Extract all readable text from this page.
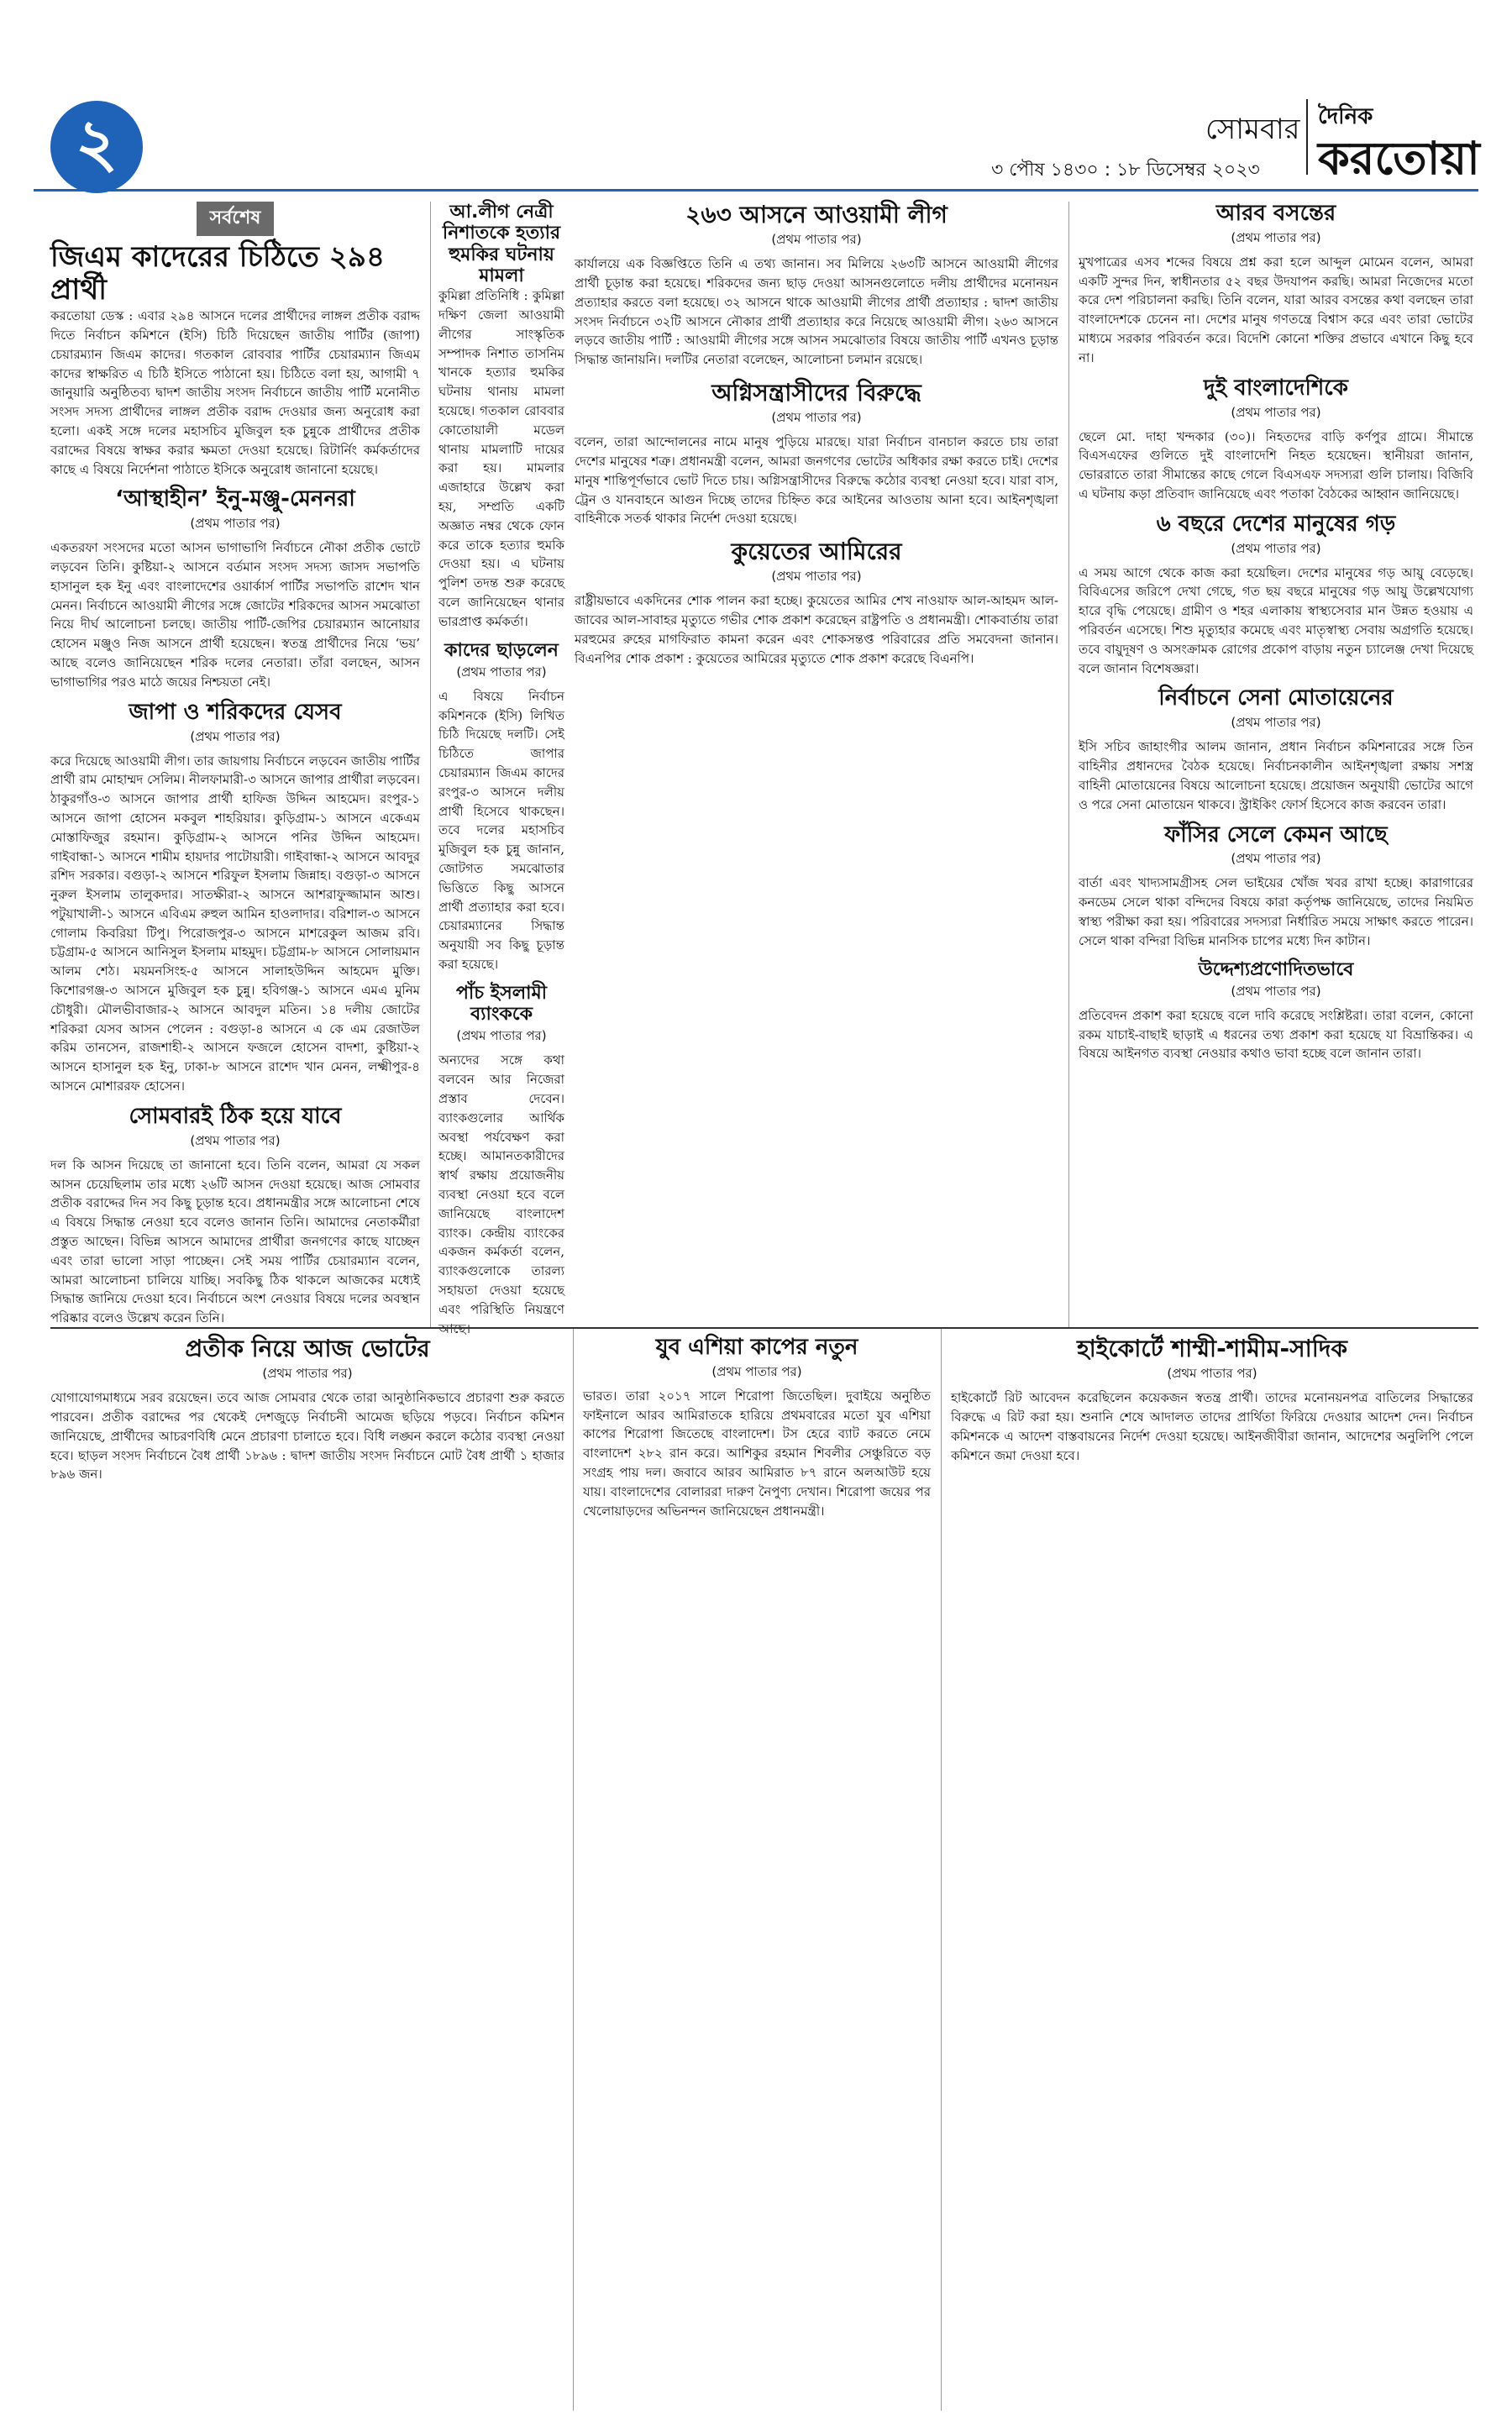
২	সোমবার
৩ পৌষ ১৪৩০ : ১৮ ডিসেম্বর ২০২৩
দৈনিক
করতোয়া
সর্বশেষ
জিএম কাদেরের চিঠিতে ২৯৪ প্রার্থী

করতোয়া ডেস্ক : এবার ২৯৪ আসনে দলের প্রার্থীদের লাঙ্গল প্রতীক বরাদ্দ দিতে নির্বাচন কমিশনে (ইসি) চিঠি দিয়েছেন জাতীয় পার্টির (জাপা) চেয়ারম্যান জিএম কাদের। গতকাল রোববার পার্টির চেয়ারম্যান জিএম কাদের স্বাক্ষরিত এ চিঠি ইসিতে পাঠানো হয়। চিঠিতে বলা হয়, আগামী ৭ জানুয়ারি অনুষ্ঠিতব্য দ্বাদশ জাতীয় সংসদ নির্বাচনে জাতীয় পার্টি মনোনীত সংসদ সদস্য প্রার্থীদের লাঙ্গল প্রতীক বরাদ্দ দেওয়ার জন্য অনুরোধ করা হলো। একই সঙ্গে দলের মহাসচিব মুজিবুল হক চুন্নুকে প্রার্থীদের প্রতীক বরাদ্দের বিষয়ে স্বাক্ষর করার ক্ষমতা দেওয়া হয়েছে। রিটার্নিং কর্মকর্তাদের কাছে এ বিষয়ে নির্দেশনা পাঠাতে ইসিকে অনুরোধ জানানো হয়েছে।

‘আস্থাহীন’ ইনু-মঞ্জু-মেননরা
(প্রথম পাতার পর)

একতরফা সংসদের মতো আসন ভাগাভাগি নির্বাচনে নৌকা প্রতীক ভোটে লড়বেন তিনি। কুষ্টিয়া-২ আসনে বর্তমান সংসদ সদস্য জাসদ সভাপতি হাসানুল হক ইনু এবং বাংলাদেশের ওয়ার্কার্স পার্টির সভাপতি রাশেদ খান মেনন। নির্বাচনে আওয়ামী লীগের সঙ্গে জোটের শরিকদের আসন সমঝোতা নিয়ে দীর্ঘ আলোচনা চলছে। জাতীয় পার্টি-জেপির চেয়ারম্যান আনোয়ার হোসেন মঞ্জুও নিজ আসনে প্রার্থী হয়েছেন। স্বতন্ত্র প্রার্থীদের নিয়ে ‘ভয়’ আছে বলেও জানিয়েছেন শরিক দলের নেতারা। তাঁরা বলছেন, আসন ভাগাভাগির পরও মাঠে জয়ের নিশ্চয়তা নেই।

জাপা ও শরিকদের যেসব
(প্রথম পাতার পর)

করে দিয়েছে আওয়ামী লীগ। তার জায়গায় নির্বাচনে লড়বেন জাতীয় পার্টির প্রার্থী রাম মোহাম্মদ সেলিম। নীলফামারী-৩ আসনে জাপার প্রার্থীরা লড়বেন। ঠাকুরগাঁও-৩ আসনে জাপার প্রার্থী হাফিজ উদ্দিন আহমেদ। রংপুর-১ আসনে জাপা হোসেন মকবুল শাহরিয়ার। কুড়িগ্রাম-১ আসনে একেএম মোস্তাফিজুর রহমান। কুড়িগ্রাম-২ আসনে পনির উদ্দিন আহমেদ। গাইবান্ধা-১ আসনে শামীম হায়দার পাটোয়ারী। গাইবান্ধা-২ আসনে আবদুর রশিদ সরকার। বগুড়া-২ আসনে শরিফুল ইসলাম জিন্নাহ। বগুড়া-৩ আসনে নুরুল ইসলাম তালুকদার। সাতক্ষীরা-২ আসনে আশরাফুজ্জামান আশু। পটুয়াখালী-১ আসনে এবিএম রুহুল আমিন হাওলাদার। বরিশাল-৩ আসনে গোলাম কিবরিয়া টিপু। পিরোজপুর-৩ আসনে মাশরেকুল আজম রবি। চট্টগ্রাম-৫ আসনে আনিসুল ইসলাম মাহমুদ। চট্টগ্রাম-৮ আসনে সোলায়মান আলম শেঠ। ময়মনসিংহ-৫ আসনে সালাহউদ্দিন আহমেদ মুক্তি। কিশোরগঞ্জ-৩ আসনে মুজিবুল হক চুন্নু। হবিগঞ্জ-১ আসনে এমএ মুনিম চৌধুরী। মৌলভীবাজার-২ আসনে আবদুল মতিন। ১৪ দলীয় জোটের শরিকরা যেসব আসন পেলেন : বগুড়া-৪ আসনে এ কে এম রেজাউল করিম তানসেন, রাজশাহী-২ আসনে ফজলে হোসেন বাদশা, কুষ্টিয়া-২ আসনে হাসানুল হক ইনু, ঢাকা-৮ আসনে রাশেদ খান মেনন, লক্ষ্মীপুর-৪ আসনে মোশাররফ হোসেন।

সোমবারই ঠিক হয়ে যাবে
(প্রথম পাতার পর)

দল কি আসন দিয়েছে তা জানানো হবে। তিনি বলেন, আমরা যে সকল আসন চেয়েছিলাম তার মধ্যে ২৬টি আসন দেওয়া হয়েছে। আজ সোমবার প্রতীক বরাদ্দের দিন সব কিছু চূড়ান্ত হবে। প্রধানমন্ত্রীর সঙ্গে আলোচনা শেষে এ বিষয়ে সিদ্ধান্ত নেওয়া হবে বলেও জানান তিনি। আমাদের নেতাকর্মীরা প্রস্তুত আছেন। বিভিন্ন আসনে আমাদের প্রার্থীরা জনগণের কাছে যাচ্ছেন এবং তারা ভালো সাড়া পাচ্ছেন। সেই সময় পার্টির চেয়ারম্যান বলেন, আমরা আলোচনা চালিয়ে যাচ্ছি। সবকিছু ঠিক থাকলে আজকের মধ্যেই সিদ্ধান্ত জানিয়ে দেওয়া হবে। নির্বাচনে অংশ নেওয়ার বিষয়ে দলের অবস্থান পরিষ্কার বলেও উল্লেখ করেন তিনি।

আ.লীগ নেত্রী নিশাতকে হত্যার হুমকির ঘটনায় মামলা

কুমিল্লা প্রতিনিধি : কুমিল্লা দক্ষিণ জেলা আওয়ামী লীগের সাংস্কৃতিক সম্পাদক নিশাত তাসনিম খানকে হত্যার হুমকির ঘটনায় থানায় মামলা হয়েছে। গতকাল রোববার কোতোয়ালী মডেল থানায় মামলাটি দায়ের করা হয়। মামলার এজাহারে উল্লেখ করা হয়, সম্প্রতি একটি অজ্ঞাত নম্বর থেকে ফোন করে তাকে হত্যার হুমকি দেওয়া হয়। এ ঘটনায় পুলিশ তদন্ত শুরু করেছে বলে জানিয়েছেন থানার ভারপ্রাপ্ত কর্মকর্তা।

কাদের ছাড়লেন
(প্রথম পাতার পর)

এ বিষয়ে নির্বাচন কমিশনকে (ইসি) লিখিত চিঠি দিয়েছে দলটি। সেই চিঠিতে জাপার চেয়ারম্যান জিএম কাদের রংপুর-৩ আসনে দলীয় প্রার্থী হিসেবে থাকছেন। তবে দলের মহাসচিব মুজিবুল হক চুন্নু জানান, জোটগত সমঝোতার ভিত্তিতে কিছু আসনে প্রার্থী প্রত্যাহার করা হবে। চেয়ারম্যানের সিদ্ধান্ত অনুযায়ী সব কিছু চূড়ান্ত করা হয়েছে।

পাঁচ ইসলামী ব্যাংককে
(প্রথম পাতার পর)

অন্যদের সঙ্গে কথা বলবেন আর নিজেরা প্রস্তাব দেবেন। ব্যাংকগুলোর আর্থিক অবস্থা পর্যবেক্ষণ করা হচ্ছে। আমানতকারীদের স্বার্থ রক্ষায় প্রয়োজনীয় ব্যবস্থা নেওয়া হবে বলে জানিয়েছে বাংলাদেশ ব্যাংক। কেন্দ্রীয় ব্যাংকের একজন কর্মকর্তা বলেন, ব্যাংকগুলোকে তারল্য সহায়তা দেওয়া হয়েছে এবং পরিস্থিতি নিয়ন্ত্রণে

২৬৩ আসনে আওয়ামী লীগ
(প্রথম পাতার পর)

কার্যালয়ে এক বিজ্ঞপ্তিতে তিনি এ তথ্য জানান। সব মিলিয়ে ২৬৩টি আসনে আওয়ামী লীগের প্রার্থী চূড়ান্ত করা হয়েছে। শরিকদের জন্য ছাড় দেওয়া আসনগুলোতে দলীয় প্রার্থীদের মনোনয়ন প্রত্যাহার করতে বলা হয়েছে। ৩২ আসনে থাকে আওয়ামী লীগের প্রার্থী প্রত্যাহার : দ্বাদশ জাতীয় সংসদ নির্বাচনে ৩২টি আসনে নৌকার প্রার্থী প্রত্যাহার করে নিয়েছে আওয়ামী লীগ। ২৬৩ আসনে লড়বে জাতীয় পার্টি : আওয়ামী লীগের সঙ্গে আসন সমঝোতার বিষয়ে জাতীয় পার্টি এখনও চূড়ান্ত সিদ্ধান্ত জানায়নি। দলটির নেতারা বলেছেন, আলোচনা চলমান রয়েছে।

অগ্নিসন্ত্রাসীদের বিরুদ্ধে
(প্রথম পাতার পর)

বলেন, তারা আন্দোলনের নামে মানুষ পুড়িয়ে মারছে। যারা নির্বাচন বানচাল করতে চায় তারা দেশের মানুষের শত্রু। প্রধানমন্ত্রী বলেন, আমরা জনগণের ভোটের অধিকার রক্ষা করতে চাই। দেশের মানুষ শান্তিপূর্ণভাবে ভোট দিতে চায়। অগ্নিসন্ত্রাসীদের বিরুদ্ধে কঠোর ব্যবস্থা নেওয়া হবে। যারা বাস, ট্রেন ও যানবাহনে আগুন দিচ্ছে তাদের চিহ্নিত করে আইনের আওতায় আনা হবে। আইনশৃঙ্খলা বাহিনীকে সতর্ক থাকার নির্দেশ দেওয়া হয়েছে।

কুয়েতের আমিরের
(প্রথম পাতার পর)

রাষ্ট্রীয়ভাবে একদিনের শোক পালন করা হচ্ছে। কুয়েতের আমির শেখ নাওয়াফ আল-আহমদ আল-জাবের আল-সাবাহর মৃত্যুতে গভীর শোক প্রকাশ করেছেন রাষ্ট্রপতি ও প্রধানমন্ত্রী। শোকবার্তায় তারা মরহুমের রুহের মাগফিরাত কামনা করেন এবং শোকসন্তপ্ত পরিবারের প্রতি সমবেদনা জানান। বিএনপির শোক প্রকাশ : কুয়েতের আমিরের মৃত্যুতে শোক প্রকাশ করেছে বিএনপি।

আরব বসন্তের
(প্রথম পাতার পর)

মুখপাত্রের এসব শব্দের বিষয়ে প্রশ্ন করা হলে আব্দুল মোমেন বলেন, আমরা একটি সুন্দর দিন, স্বাধীনতার ৫২ বছর উদযাপন করছি। আমরা নিজেদের মতো করে দেশ পরিচালনা করছি। তিনি বলেন, যারা আরব বসন্তের কথা বলছেন তারা বাংলাদেশকে চেনেন না। দেশের মানুষ গণতন্ত্রে বিশ্বাস করে এবং তারা ভোটের মাধ্যমে সরকার পরিবর্তন করে। বিদেশি কোনো শক্তির প্রভাবে এখানে কিছু হবে না।

দুই বাংলাদেশিকে
(প্রথম পাতার পর)

ছেলে মো. দাহা খন্দকার (৩০)। নিহতদের বাড়ি কর্ণপুর গ্রামে। সীমান্তে বিএসএফের গুলিতে দুই বাংলাদেশি নিহত হয়েছেন। স্থানীয়রা জানান, ভোররাতে তারা সীমান্তের কাছে গেলে বিএসএফ সদস্যরা গুলি চালায়। বিজিবি এ ঘটনায় কড়া প্রতিবাদ জানিয়েছে এবং পতাকা বৈঠকের আহ্বান জানিয়েছে।

৬ বছরে দেশের মানুষের গড়
(প্রথম পাতার পর)

এ সময় আগে থেকে কাজ করা হয়েছিল। দেশের মানুষের গড় আয়ু বেড়েছে। বিবিএসের জরিপে দেখা গেছে, গত ছয় বছরে মানুষের গড় আয়ু উল্লেখযোগ্য হারে বৃদ্ধি পেয়েছে। গ্রামীণ ও শহর এলাকায় স্বাস্থ্যসেবার মান উন্নত হওয়ায় এ পরিবর্তন এসেছে। শিশু মৃত্যুহার কমেছে এবং মাতৃস্বাস্থ্য সেবায় অগ্রগতি হয়েছে। তবে বায়ুদূষণ ও অসংক্রামক রোগের প্রকোপ বাড়ায় নতুন চ্যালেঞ্জ দেখা দিয়েছে বলে জানান বিশেষজ্ঞরা।

নির্বাচনে সেনা মোতায়েনের
(প্রথম পাতার পর)

ইসি সচিব জাহাংগীর আলম জানান, প্রধান নির্বাচন কমিশনারের সঙ্গে তিন বাহিনীর প্রধানদের বৈঠক হয়েছে। নির্বাচনকালীন আইনশৃঙ্খলা রক্ষায় সশস্ত্র বাহিনী মোতায়েনের বিষয়ে আলোচনা হয়েছে। প্রয়োজন অনুযায়ী ভোটের আগে ও পরে সেনা মোতায়েন থাকবে। স্ট্রাইকিং ফোর্স হিসেবে কাজ করবেন তারা।

ফাঁসির সেলে কেমন আছে
(প্রথম পাতার পর)

বার্তা এবং খাদ্যসামগ্রীসহ সেল ভাইয়ের খোঁজ খবর রাখা হচ্ছে। কারাগারের কনডেম সেলে থাকা বন্দিদের বিষয়ে কারা কর্তৃপক্ষ জানিয়েছে, তাদের নিয়মিত স্বাস্থ্য পরীক্ষা করা হয়। পরিবারের সদস্যরা নির্ধারিত সময়ে সাক্ষাৎ করতে পারেন। সেলে থাকা বন্দিরা বিভিন্ন মানসিক চাপের মধ্যে দিন কাটান।

উদ্দেশ্যপ্রণোদিতভাবে
(প্রথম পাতার পর)

প্রতিবেদন প্রকাশ করা হয়েছে বলে দাবি করেছে সংশ্লিষ্টরা। তারা বলেন, কোনো রকম যাচাই-বাছাই ছাড়াই এ ধরনের তথ্য প্রকাশ করা হয়েছে যা বিভ্রান্তিকর। এ বিষয়ে আইনগত ব্যবস্থা নেওয়ার কথাও ভাবা হচ্ছে বলে জানান তারা।

প্রতীক নিয়ে আজ ভোটের
(প্রথম পাতার পর)

যোগাযোগমাধ্যমে সরব রয়েছেন। তবে আজ সোমবার থেকে তারা আনুষ্ঠানিকভাবে প্রচারণা শুরু করতে পারবেন। প্রতীক বরাদ্দের পর থেকেই দেশজুড়ে নির্বাচনী আমেজ ছড়িয়ে পড়বে। নির্বাচন কমিশন জানিয়েছে, প্রার্থীদের আচরণবিধি মেনে প্রচারণা চালাতে হবে। বিধি লঙ্ঘন করলে কঠোর ব্যবস্থা নেওয়া হবে। ছাড়ল সংসদ নির্বাচনে বৈধ প্রার্থী ১৮৯৬ : দ্বাদশ জাতীয় সংসদ নির্বাচনে মোট বৈধ প্রার্থী ১ হাজার ৮৯৬ জন।

যুব এশিয়া কাপের নতুন
(প্রথম পাতার পর)

ভারত। তারা ২০১৭ সালে শিরোপা জিতেছিল। দুবাইয়ে অনুষ্ঠিত ফাইনালে আরব আমিরাতকে হারিয়ে প্রথমবারের মতো যুব এশিয়া কাপের শিরোপা জিতেছে বাংলাদেশ। টস হেরে ব্যাট করতে নেমে বাংলাদেশ ২৮২ রান করে। আশিকুর রহমান শিবলীর সেঞ্চুরিতে বড় সংগ্রহ পায় দল। জবাবে আরব আমিরাত ৮৭ রানে অলআউট হয়ে যায়। বাংলাদেশের বোলাররা দারুণ নৈপুণ্য দেখান। শিরোপা জয়ের পর খেলোয়াড়দের অভিনন্দন জানিয়েছেন প্রধানমন্ত্রী।

হাইকোর্টে শাম্মী-শামীম-সাদিক
(প্রথম পাতার পর)

হাইকোর্টে রিট আবেদন করেছিলেন কয়েকজন স্বতন্ত্র প্রার্থী। তাদের মনোনয়নপত্র বাতিলের সিদ্ধান্তের বিরুদ্ধে এ রিট করা হয়। শুনানি শেষে আদালত তাদের প্রার্থিতা ফিরিয়ে দেওয়ার আদেশ দেন। নির্বাচন কমিশনকে এ আদেশ বাস্তবায়নের নির্দেশ দেওয়া হয়েছে। আইনজীবীরা জানান, আদেশের অনুলিপি পেলে কমিশনে জমা দেওয়া হবে।
